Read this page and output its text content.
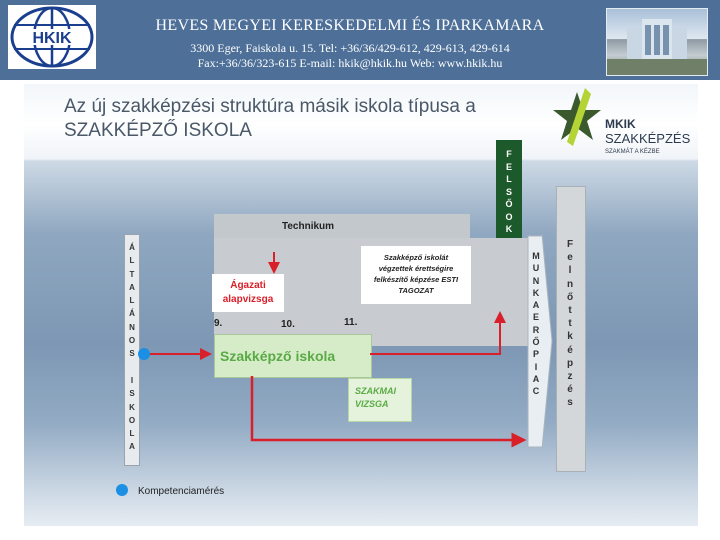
HKIK
HEVES MEGYEI KERESKEDELMI ÉS IPARKAMARA
3300 Eger, Faiskola u. 15. Tel: +36/36/429-612, 429-613, 429-614
Fax:+36/36/323-615 E-mail: hkik@hkik.hu Web: www.hkik.hu
Az új szakképzési struktúra másik iskola típusa a
SZAKKÉPZŐ ISKOLA	MKIK
SZAKKÉPZÉS
SZAKMÁT A KÉZBE
F
E
L
S
Ő
O
K
Technikum
M
U
N
K
A
E
R
Ő
P
I
A
C
F
e
l
n
ő
t
t
k
é
p
z
é
s
Á
L
T
A
L
Á
N
O
S

I
S
K
O
L
A
Szakképző iskolát
végzettek érettségire
felkészítő képzése ESTI
TAGOZAT
Ágazati
alapvizsga
9.	10.	11.
Szakképző iskola
SZAKMAI
VIZSGA
Kompetenciamérés
